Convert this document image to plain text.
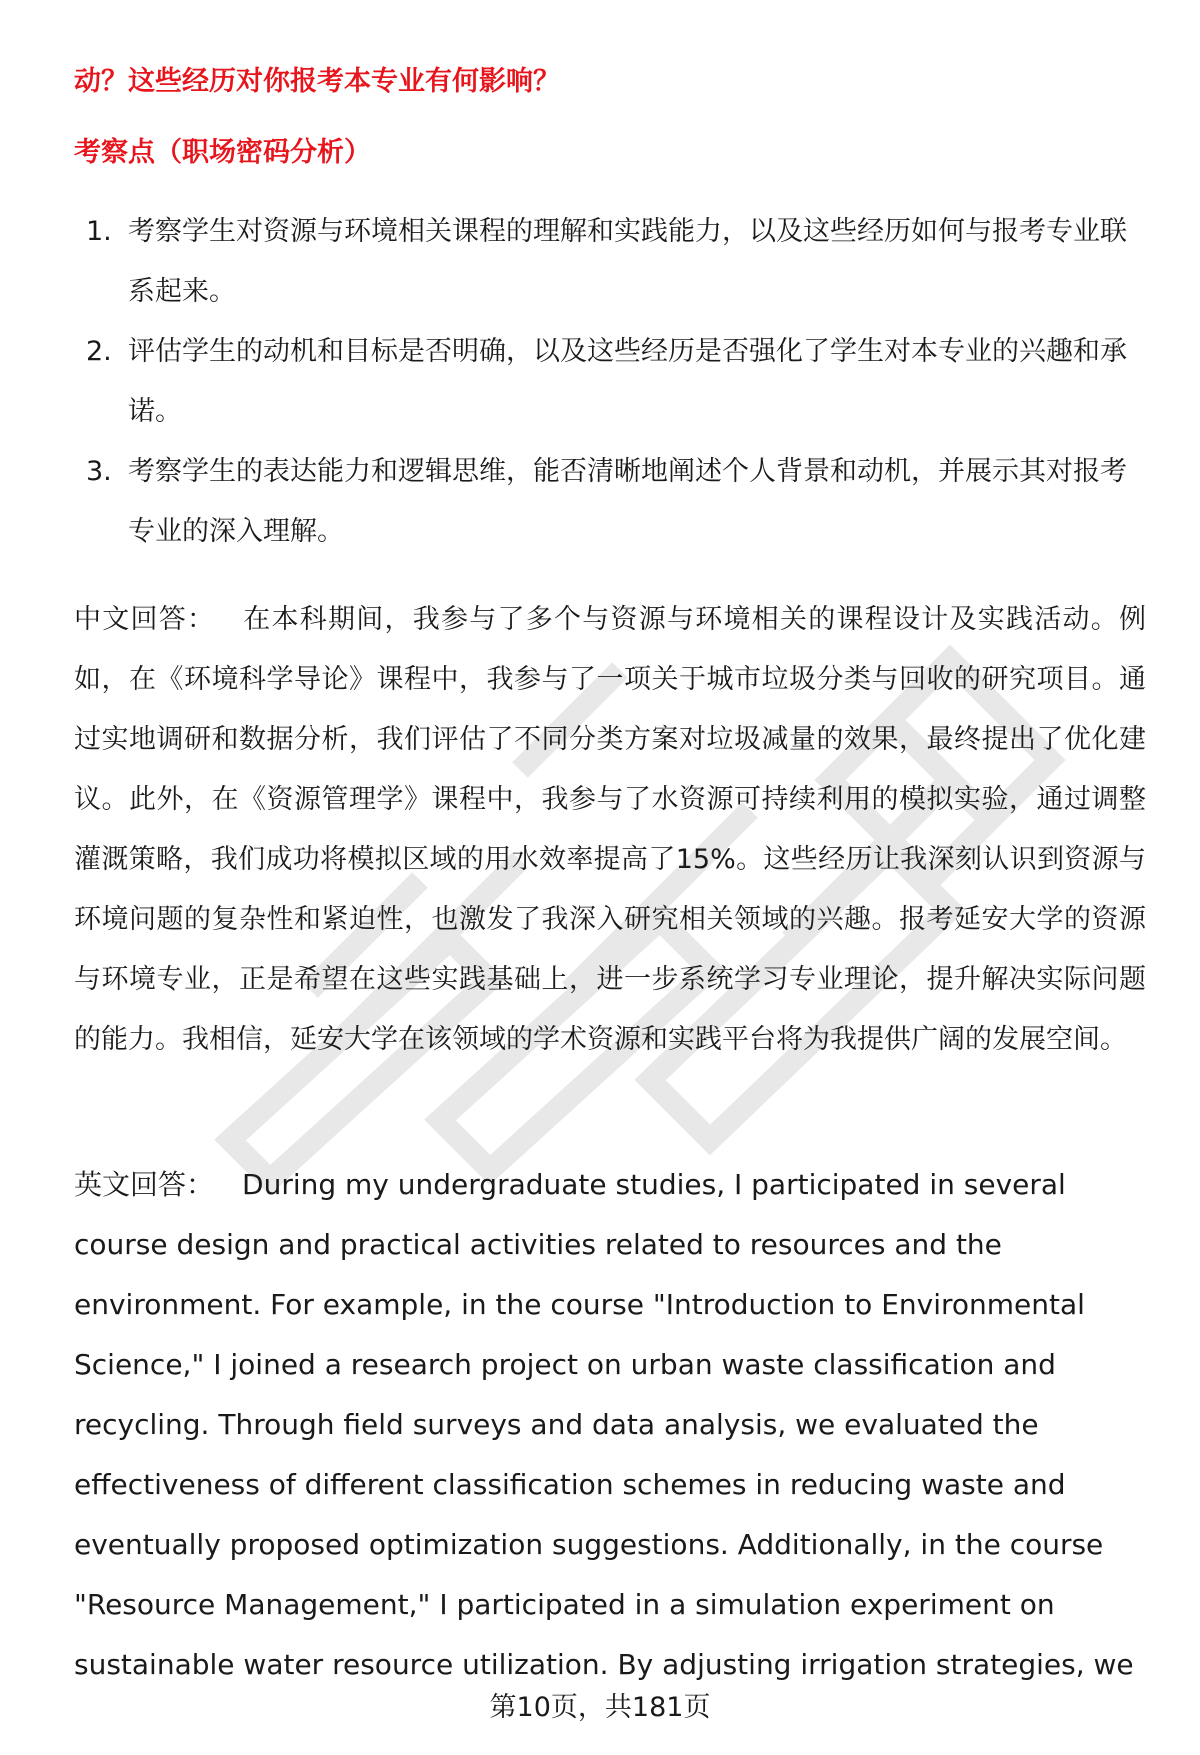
动？这些经历对你报考本专业有何影响？
考察点（职场密码分析）
1. 考察学生对资源与环境相关课程的理解和实践能力，以及这些经历如何与报考专业联系起来。
2. 评估学生的动机和目标是否明确，以及这些经历是否强化了学生对本专业的兴趣和承诺。
3. 考察学生的表达能力和逻辑思维，能否清晰地阐述个人背景和动机，并展示其对报考专业的深入理解。

中文回答： 在本科期间，我参与了多个与资源与环境相关的课程设计及实践活动。例如，在《环境科学导论》课程中，我参与了一项关于城市垃圾分类与回收的研究项目。通过实地调研和数据分析，我们评估了不同分类方案对垃圾减量的效果，最终提出了优化建议。此外，在《资源管理学》课程中，我参与了水资源可持续利用的模拟实验，通过调整灌溉策略，我们成功将模拟区域的用水效率提高了15%。这些经历让我深刻认识到资源与环境问题的复杂性和紧迫性，也激发了我深入研究相关领域的兴趣。报考延安大学的资源与环境专业，正是希望在这些实践基础上，进一步系统学习专业理论，提升解决实际问题的能力。我相信，延安大学在该领域的学术资源和实践平台将为我提供广阔的发展空间。

英文回答： During my undergraduate studies, I participated in several course design and practical activities related to resources and the environment. For example, in the course "Introduction to Environmental Science," I joined a research project on urban waste classification and recycling. Through field surveys and data analysis, we evaluated the effectiveness of different classification schemes in reducing waste and eventually proposed optimization suggestions. Additionally, in the course "Resource Management," I participated in a simulation experiment on sustainable water resource utilization. By adjusting irrigation strategies, we

第10页，共181页
